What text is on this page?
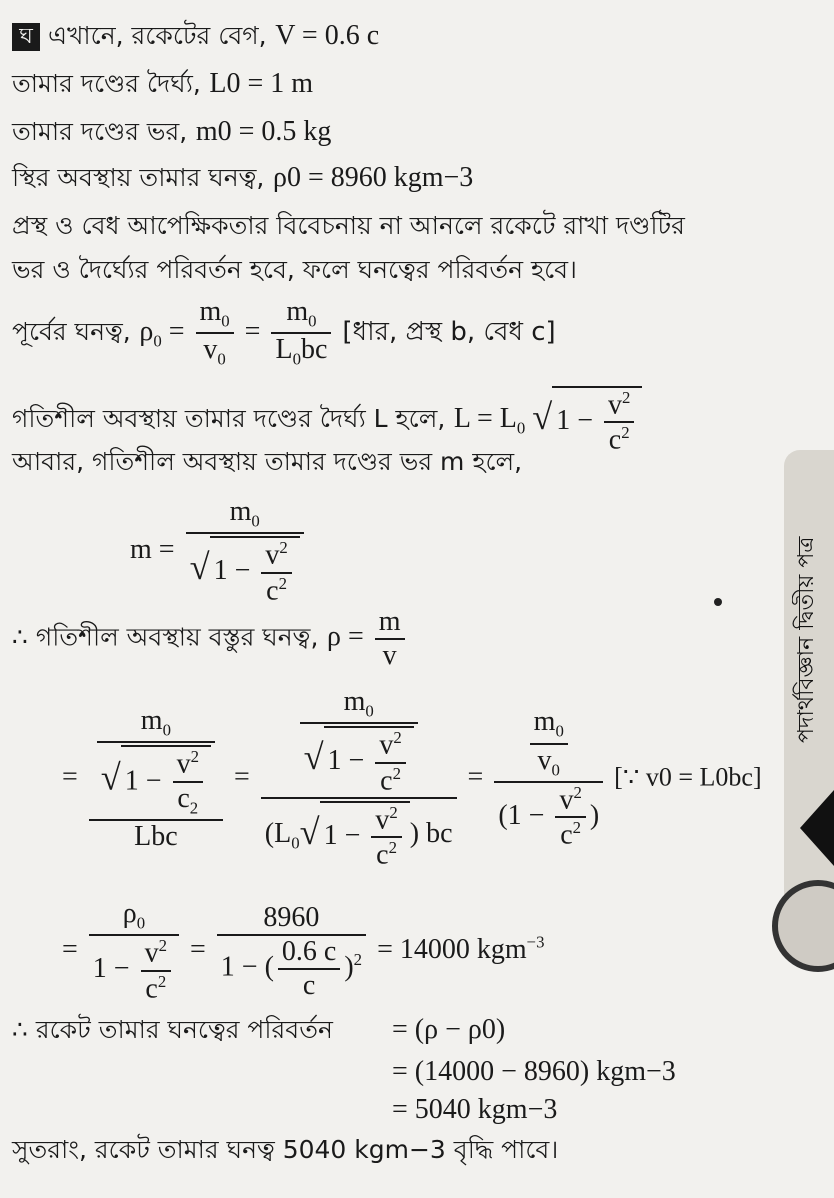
ঘ এখানে, রকেটের বেগ, V = 0.6 c
তামার দণ্ডের দৈর্ঘ্য, L0 = 1 m
তামার দণ্ডের ভর, m0 = 0.5 kg
স্থির অবস্থায় তামার ঘনত্ব, ρ0 = 8960 kgm−3
প্রস্থ ও বেধ আপেক্ষিকতার বিবেচনায় না আনলে রকেটে রাখা দণ্ডটির
ভর ও দৈর্ঘ্যের পরিবর্তন হবে, ফলে ঘনত্বের পরিবর্তন হবে।
পূর্বের ঘনত্ব, $\rho_0 = \frac{m_0}{v_0} = \frac{m_0}{L_0bc}$ [ধার, প্রস্থ b, বেধ c]
গতিশীল অবস্থায় তামার দণ্ডের দৈর্ঘ্য L হলে, $L = L_0$ √ $1 - \frac{v^2}{c^2}$
আবার, গতিশীল অবস্থায় তামার দণ্ডের ভর m হলে,
$m = \frac{m_0}{√ 1 - \frac{v^2}{c^2}}$
∴ গতিশীল অবস্থায় বস্তুর ঘনত্ব, $\rho = \frac{m}{v}$
= $\frac{\frac{m_0}{√ 1 - \frac{v^2}{c_2}}}{\text{Lbc}} = \frac{\frac{m_0}{√ 1 - \frac{v^2}{c^2}}}{(L_0√ 1 - \frac{v^2}{c^2} ) bc} = \frac{\frac{m_0}{v_0}}{(1 - \frac{v^2}{c^2} )}$ [∵ v0 = L0bc]
= $\frac{\rho_0}{1 - \frac{v^2}{c^2}} = \frac{8960}{1 - ( \frac{0.6 c}{c} )^2} = 14000$ kgm$^{-3}$
∴ রকেট তামার ঘনত্বের পরিবর্তন = (ρ − ρ0)
= (14000 − 8960) kgm−3
= 5040 kgm−3
সুতরাং, রকেট তামার ঘনত্ব 5040 kgm−3 বৃদ্ধি পাবে।
পদার্থবিজ্ঞান দ্বিতীয় পত্র
